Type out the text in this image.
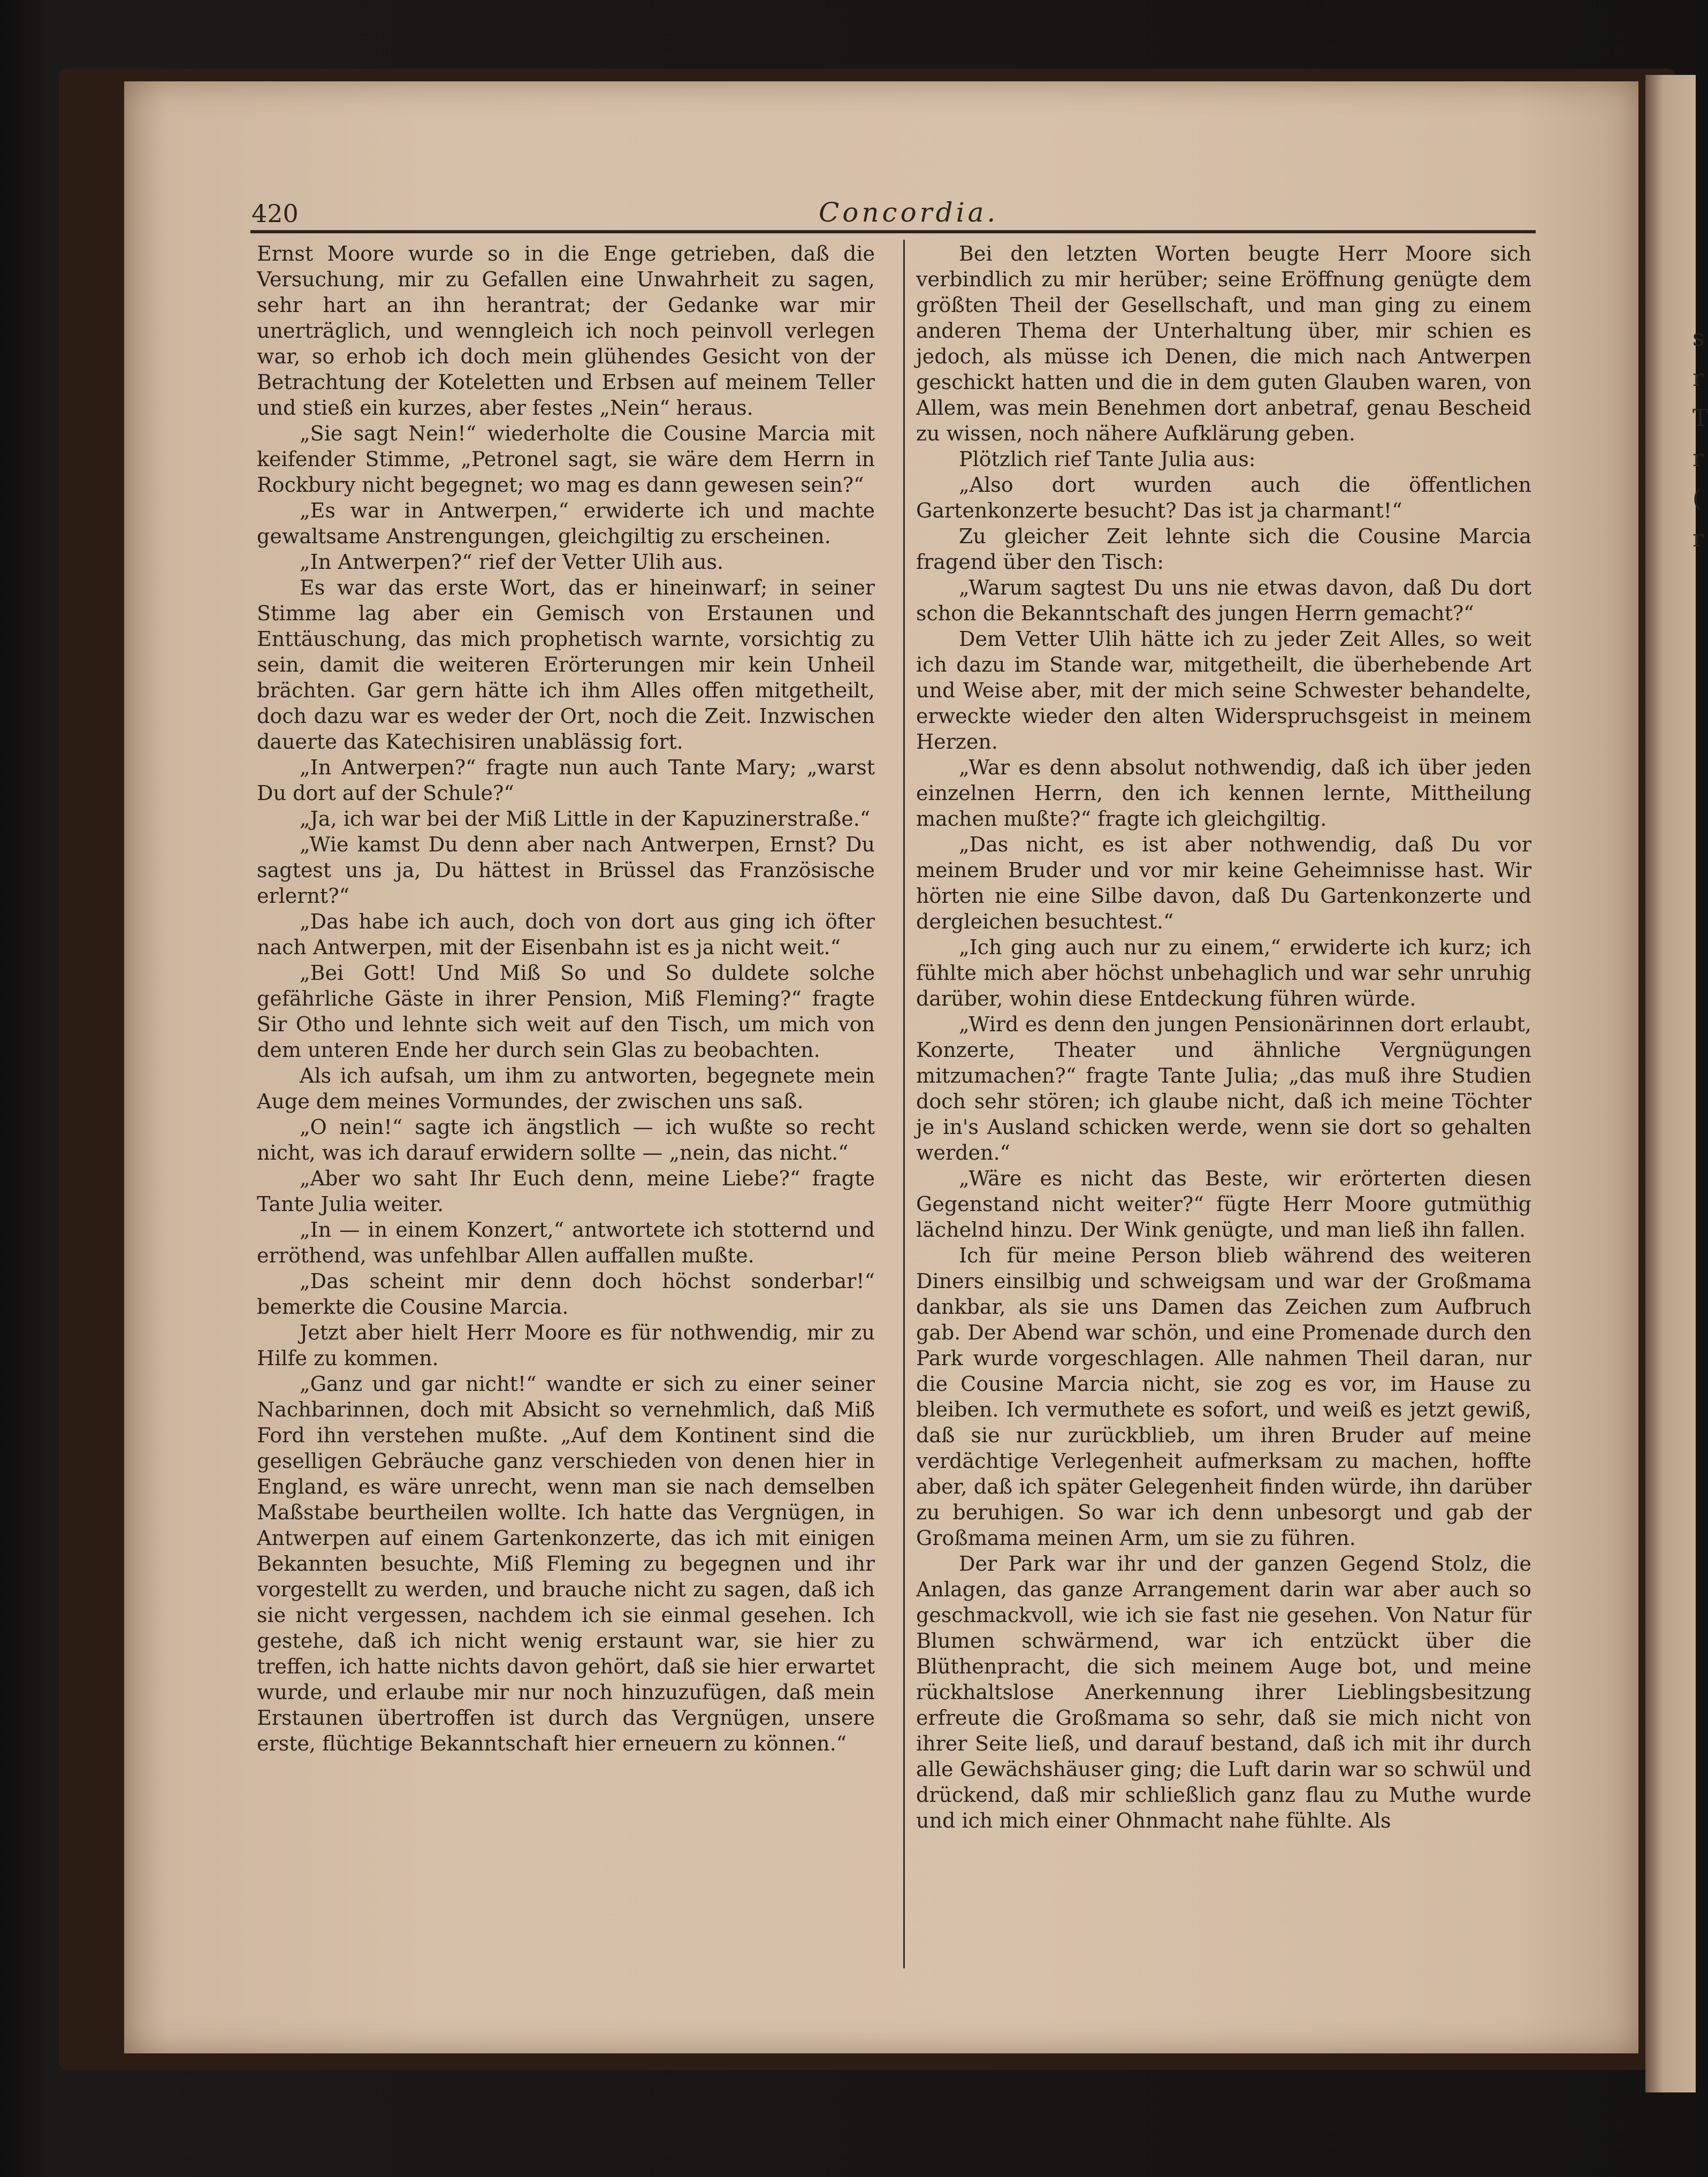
s
r
T
r
(
r
420	Concordia.

Ernst Moore wurde so in die Enge getrieben, daß die Versuchung, mir zu Gefallen eine Unwahrheit zu sagen, sehr hart an ihn herantrat; der Gedanke war mir unerträglich, und wenngleich ich noch peinvoll verlegen war, so erhob ich doch mein glühendes Gesicht von der Betrachtung der Koteletten und Erbsen auf meinem Teller und stieß ein kurzes, aber festes „Nein“ heraus.

„Sie sagt Nein!“ wiederholte die Cousine Marcia mit keifender Stimme, „Petronel sagt, sie wäre dem Herrn in Rockbury nicht begegnet; wo mag es dann gewesen sein?“

„Es war in Antwerpen,“ erwiderte ich und machte gewaltsame Anstrengungen, gleichgiltig zu erscheinen.

„In Antwerpen?“ rief der Vetter Ulih aus.

Es war das erste Wort, das er hineinwarf; in seiner Stimme lag aber ein Gemisch von Erstaunen und Enttäuschung, das mich prophetisch warnte, vorsichtig zu sein, damit die weiteren Erörterungen mir kein Unheil brächten. Gar gern hätte ich ihm Alles offen mitgetheilt, doch dazu war es weder der Ort, noch die Zeit. Inzwischen dauerte das Katechisiren unablässig fort.

„In Antwerpen?“ fragte nun auch Tante Mary; „warst Du dort auf der Schule?“

„Ja, ich war bei der Miß Little in der Kapuzinerstraße.“

„Wie kamst Du denn aber nach Antwerpen, Ernst? Du sagtest uns ja, Du hättest in Brüssel das Französische erlernt?“

„Das habe ich auch, doch von dort aus ging ich öfter nach Antwerpen, mit der Eisenbahn ist es ja nicht weit.“

„Bei Gott! Und Miß So und So duldete solche gefährliche Gäste in ihrer Pension, Miß Fleming?“ fragte Sir Otho und lehnte sich weit auf den Tisch, um mich von dem unteren Ende her durch sein Glas zu beobachten.

Als ich aufsah, um ihm zu antworten, begegnete mein Auge dem meines Vormundes, der zwischen uns saß.

„O nein!“ sagte ich ängstlich — ich wußte so recht nicht, was ich darauf erwidern sollte — „nein, das nicht.“

„Aber wo saht Ihr Euch denn, meine Liebe?“ fragte Tante Julia weiter.

„In — in einem Konzert,“ antwortete ich stotternd und erröthend, was unfehlbar Allen auffallen mußte.

„Das scheint mir denn doch höchst sonderbar!“ bemerkte die Cousine Marcia.

Jetzt aber hielt Herr Moore es für nothwendig, mir zu Hilfe zu kommen.

„Ganz und gar nicht!“ wandte er sich zu einer seiner Nachbarinnen, doch mit Absicht so vernehmlich, daß Miß Ford ihn verstehen mußte. „Auf dem Kontinent sind die geselligen Gebräuche ganz verschieden von denen hier in England, es wäre unrecht, wenn man sie nach demselben Maßstabe beurtheilen wollte. Ich hatte das Vergnügen, in Antwerpen auf einem Gartenkonzerte, das ich mit einigen Bekannten besuchte, Miß Fleming zu begegnen und ihr vorgestellt zu werden, und brauche nicht zu sagen, daß ich sie nicht vergessen, nachdem ich sie einmal gesehen. Ich gestehe, daß ich nicht wenig erstaunt war, sie hier zu treffen, ich hatte nichts davon gehört, daß sie hier erwartet wurde, und erlaube mir nur noch hinzuzufügen, daß mein Erstaunen übertroffen ist durch das Vergnügen, unsere erste, flüchtige Bekanntschaft hier erneuern zu können.“

Bei den letzten Worten beugte Herr Moore sich verbindlich zu mir herüber; seine Eröffnung genügte dem größten Theil der Gesellschaft, und man ging zu einem anderen Thema der Unterhaltung über, mir schien es jedoch, als müsse ich Denen, die mich nach Antwerpen geschickt hatten und die in dem guten Glauben waren, von Allem, was mein Benehmen dort anbetraf, genau Bescheid zu wissen, noch nähere Aufklärung geben.

Plötzlich rief Tante Julia aus:

„Also dort wurden auch die öffentlichen Gartenkonzerte besucht? Das ist ja charmant!“

Zu gleicher Zeit lehnte sich die Cousine Marcia fragend über den Tisch:

„Warum sagtest Du uns nie etwas davon, daß Du dort schon die Bekanntschaft des jungen Herrn gemacht?“

Dem Vetter Ulih hätte ich zu jeder Zeit Alles, so weit ich dazu im Stande war, mitgetheilt, die überhebende Art und Weise aber, mit der mich seine Schwester behandelte, erweckte wieder den alten Widerspruchsgeist in meinem Herzen.

„War es denn absolut nothwendig, daß ich über jeden einzelnen Herrn, den ich kennen lernte, Mittheilung machen mußte?“ fragte ich gleichgiltig.

„Das nicht, es ist aber nothwendig, daß Du vor meinem Bruder und vor mir keine Geheimnisse hast. Wir hörten nie eine Silbe davon, daß Du Gartenkonzerte und dergleichen besuchtest.“

„Ich ging auch nur zu einem,“ erwiderte ich kurz; ich fühlte mich aber höchst unbehaglich und war sehr unruhig darüber, wohin diese Entdeckung führen würde.

„Wird es denn den jungen Pensionärinnen dort erlaubt, Konzerte, Theater und ähnliche Vergnügungen mitzumachen?“ fragte Tante Julia; „das muß ihre Studien doch sehr stören; ich glaube nicht, daß ich meine Töchter je in's Ausland schicken werde, wenn sie dort so gehalten werden.“

„Wäre es nicht das Beste, wir erörterten diesen Gegenstand nicht weiter?“ fügte Herr Moore gutmüthig lächelnd hinzu. Der Wink genügte, und man ließ ihn fallen.

Ich für meine Person blieb während des weiteren Diners einsilbig und schweigsam und war der Großmama dankbar, als sie uns Damen das Zeichen zum Aufbruch gab. Der Abend war schön, und eine Promenade durch den Park wurde vorgeschlagen. Alle nahmen Theil daran, nur die Cousine Marcia nicht, sie zog es vor, im Hause zu bleiben. Ich vermuthete es sofort, und weiß es jetzt gewiß, daß sie nur zurückblieb, um ihren Bruder auf meine verdächtige Verlegenheit aufmerksam zu machen, hoffte aber, daß ich später Gelegenheit finden würde, ihn darüber zu beruhigen. So war ich denn unbesorgt und gab der Großmama meinen Arm, um sie zu führen.

Der Park war ihr und der ganzen Gegend Stolz, die Anlagen, das ganze Arrangement darin war aber auch so geschmackvoll, wie ich sie fast nie gesehen. Von Natur für Blumen schwärmend, war ich entzückt über die Blüthenpracht, die sich meinem Auge bot, und meine rückhaltslose Anerkennung ihrer Lieblingsbesitzung erfreute die Großmama so sehr, daß sie mich nicht von ihrer Seite ließ, und darauf bestand, daß ich mit ihr durch alle Gewächshäuser ging; die Luft darin war so schwül und drückend, daß mir schließlich ganz flau zu Muthe wurde und ich mich einer Ohnmacht nahe fühlte. Als
